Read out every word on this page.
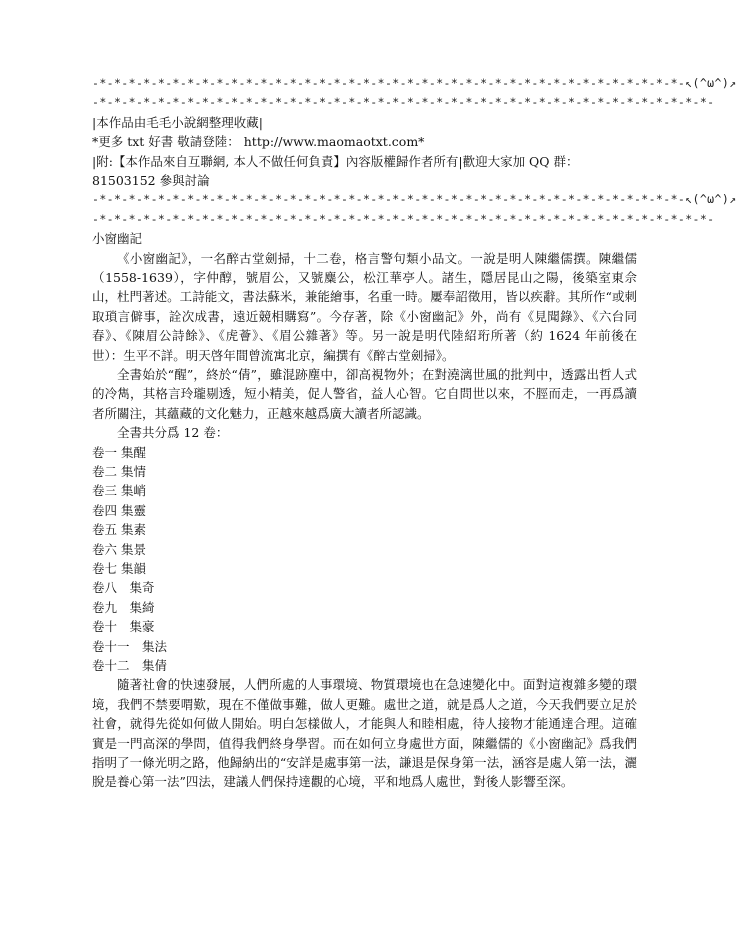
-*-*-*-*-*-*-*-*-*-*-*-*-*-*-*-*-*-*-*-*-*-*-*-*-*-*-*-*-*-*-*-*-*-*-*-*-*-*-*-*-↖(^ω^)↗
-*-*-*-*-*-*-*-*-*-*-*-*-*-*-*-*-*-*-*-*-*-*-*-*-*-*-*-*-*-*-*-*-*-*-*-*-*-*-*-*-*-*-
|本作品由毛毛小說網整理收藏|
*更多 txt 好書 敬請登陸： http://www.maomaotxt.com*
|附:【本作品來自互聯網, 本人不做任何負責】內容版權歸作者所有|歡迎大家加 QQ 群：
81503152 參與討論
-*-*-*-*-*-*-*-*-*-*-*-*-*-*-*-*-*-*-*-*-*-*-*-*-*-*-*-*-*-*-*-*-*-*-*-*-*-*-*-*-↖(^ω^)↗
-*-*-*-*-*-*-*-*-*-*-*-*-*-*-*-*-*-*-*-*-*-*-*-*-*-*-*-*-*-*-*-*-*-*-*-*-*-*-*-*-*-*-
小窗幽記

《小窗幽記》，一名醉古堂劍掃，十二卷，格言警句類小品文。一說是明人陳繼儒撰。陳繼儒（1558-1639），字仲醇，號眉公，又號麋公，松江華亭人。諸生，隱居昆山之陽，後築室東佘山，杜門著述。工詩能文，書法蘇米，兼能繪事，名重一時。屢奉詔徵用，皆以疾辭。其所作“或刺取瑣言僻事，詮次成書，遠近競相購寫”。今存著，除《小窗幽記》外，尚有《見聞錄》、《六台同春》、《陳眉公詩餘》、《虎薈》、《眉公雜著》等。另一說是明代陸紹珩所著（約 1624 年前後在世）：生平不詳。明天啓年間曾流寓北京，編撰有《醉古堂劍掃》。

全書始於“醒”，終於“倩”，雖混跡塵中，卻高視物外；在對澆漓世風的批判中，透露出哲人式的冷雋，其格言玲瓏剔透，短小精美，促人警省，益人心智。它自問世以來，不脛而走，一再爲讀者所關注，其蘊藏的文化魅力，正越來越爲廣大讀者所認識。

全書共分爲 12 卷：

卷一 集醒
卷二 集情
卷三 集峭
卷四 集靈
卷五 集素
卷六 集景
卷七 集韻
卷八　集奇
卷九　集綺
卷十　集豪
卷十一　集法
卷十二　集倩

隨著社會的快速發展，人們所處的人事環境、物質環境也在急速變化中。面對這複雜多變的環境，我們不禁要喟歎，現在不僅做事難，做人更難。處世之道，就是爲人之道，今天我們要立足於社會，就得先從如何做人開始。明白怎樣做人，才能與人和睦相處，待人接物才能通達合理。這確實是一門高深的學問，值得我們終身學習。而在如何立身處世方面，陳繼儒的《小窗幽記》爲我們指明了一條光明之路，他歸納出的“安詳是處事第一法，謙退是保身第一法，涵容是處人第一法，灑脫是養心第一法”四法，建議人們保持達觀的心境，平和地爲人處世，對後人影響至深。
